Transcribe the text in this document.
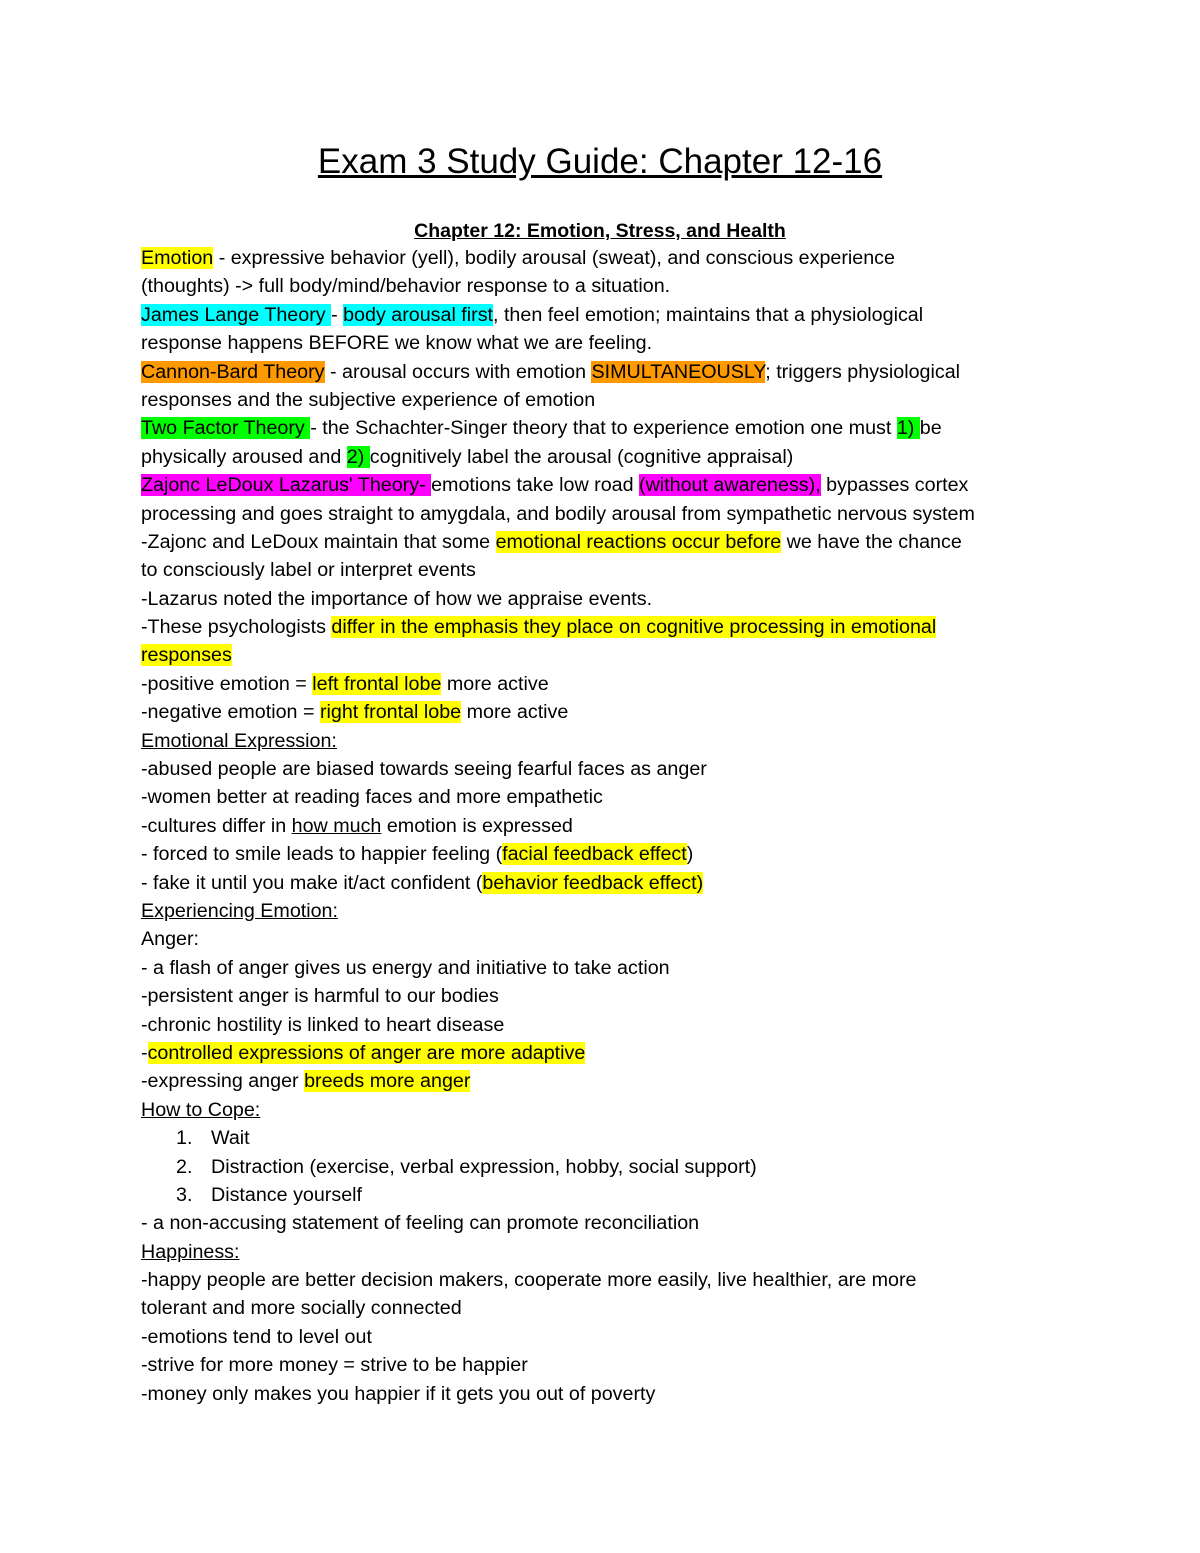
Exam 3 Study Guide: Chapter 12-16
Chapter 12: Emotion, Stress, and Health
Emotion - expressive behavior (yell), bodily arousal (sweat), and conscious experience
(thoughts) -> full body/mind/behavior response to a situation.
James Lange Theory - body arousal first, then feel emotion; maintains that a physiological
response happens BEFORE we know what we are feeling.
Cannon-Bard Theory - arousal occurs with emotion SIMULTANEOUSLY; triggers physiological
responses and the subjective experience of emotion
Two Factor Theory - the Schachter-Singer theory that to experience emotion one must 1) be
physically aroused and 2) cognitively label the arousal (cognitive appraisal)
Zajonc LeDoux Lazarus' Theory- emotions take low road (without awareness), bypasses cortex
processing and goes straight to amygdala, and bodily arousal from sympathetic nervous system
-Zajonc and LeDoux maintain that some emotional reactions occur before we have the chance
to consciously label or interpret events
-Lazarus noted the importance of how we appraise events.
-These psychologists differ in the emphasis they place on cognitive processing in emotional
responses
-positive emotion = left frontal lobe more active
-negative emotion = right frontal lobe more active
Emotional Expression:
-abused people are biased towards seeing fearful faces as anger
-women better at reading faces and more empathetic
-cultures differ in how much emotion is expressed
- forced to smile leads to happier feeling (facial feedback effect)
- fake it until you make it/act confident (behavior feedback effect)
Experiencing Emotion:
Anger:
- a flash of anger gives us energy and initiative to take action
-persistent anger is harmful to our bodies
-chronic hostility is linked to heart disease
-controlled expressions of anger are more adaptive
-expressing anger breeds more anger
How to Cope:
1. Wait
2. Distraction (exercise, verbal expression, hobby, social support)
3. Distance yourself
- a non-accusing statement of feeling can promote reconciliation
Happiness:
-happy people are better decision makers, cooperate more easily, live healthier, are more
tolerant and more socially connected
-emotions tend to level out
-strive for more money = strive to be happier
-money only makes you happier if it gets you out of poverty
